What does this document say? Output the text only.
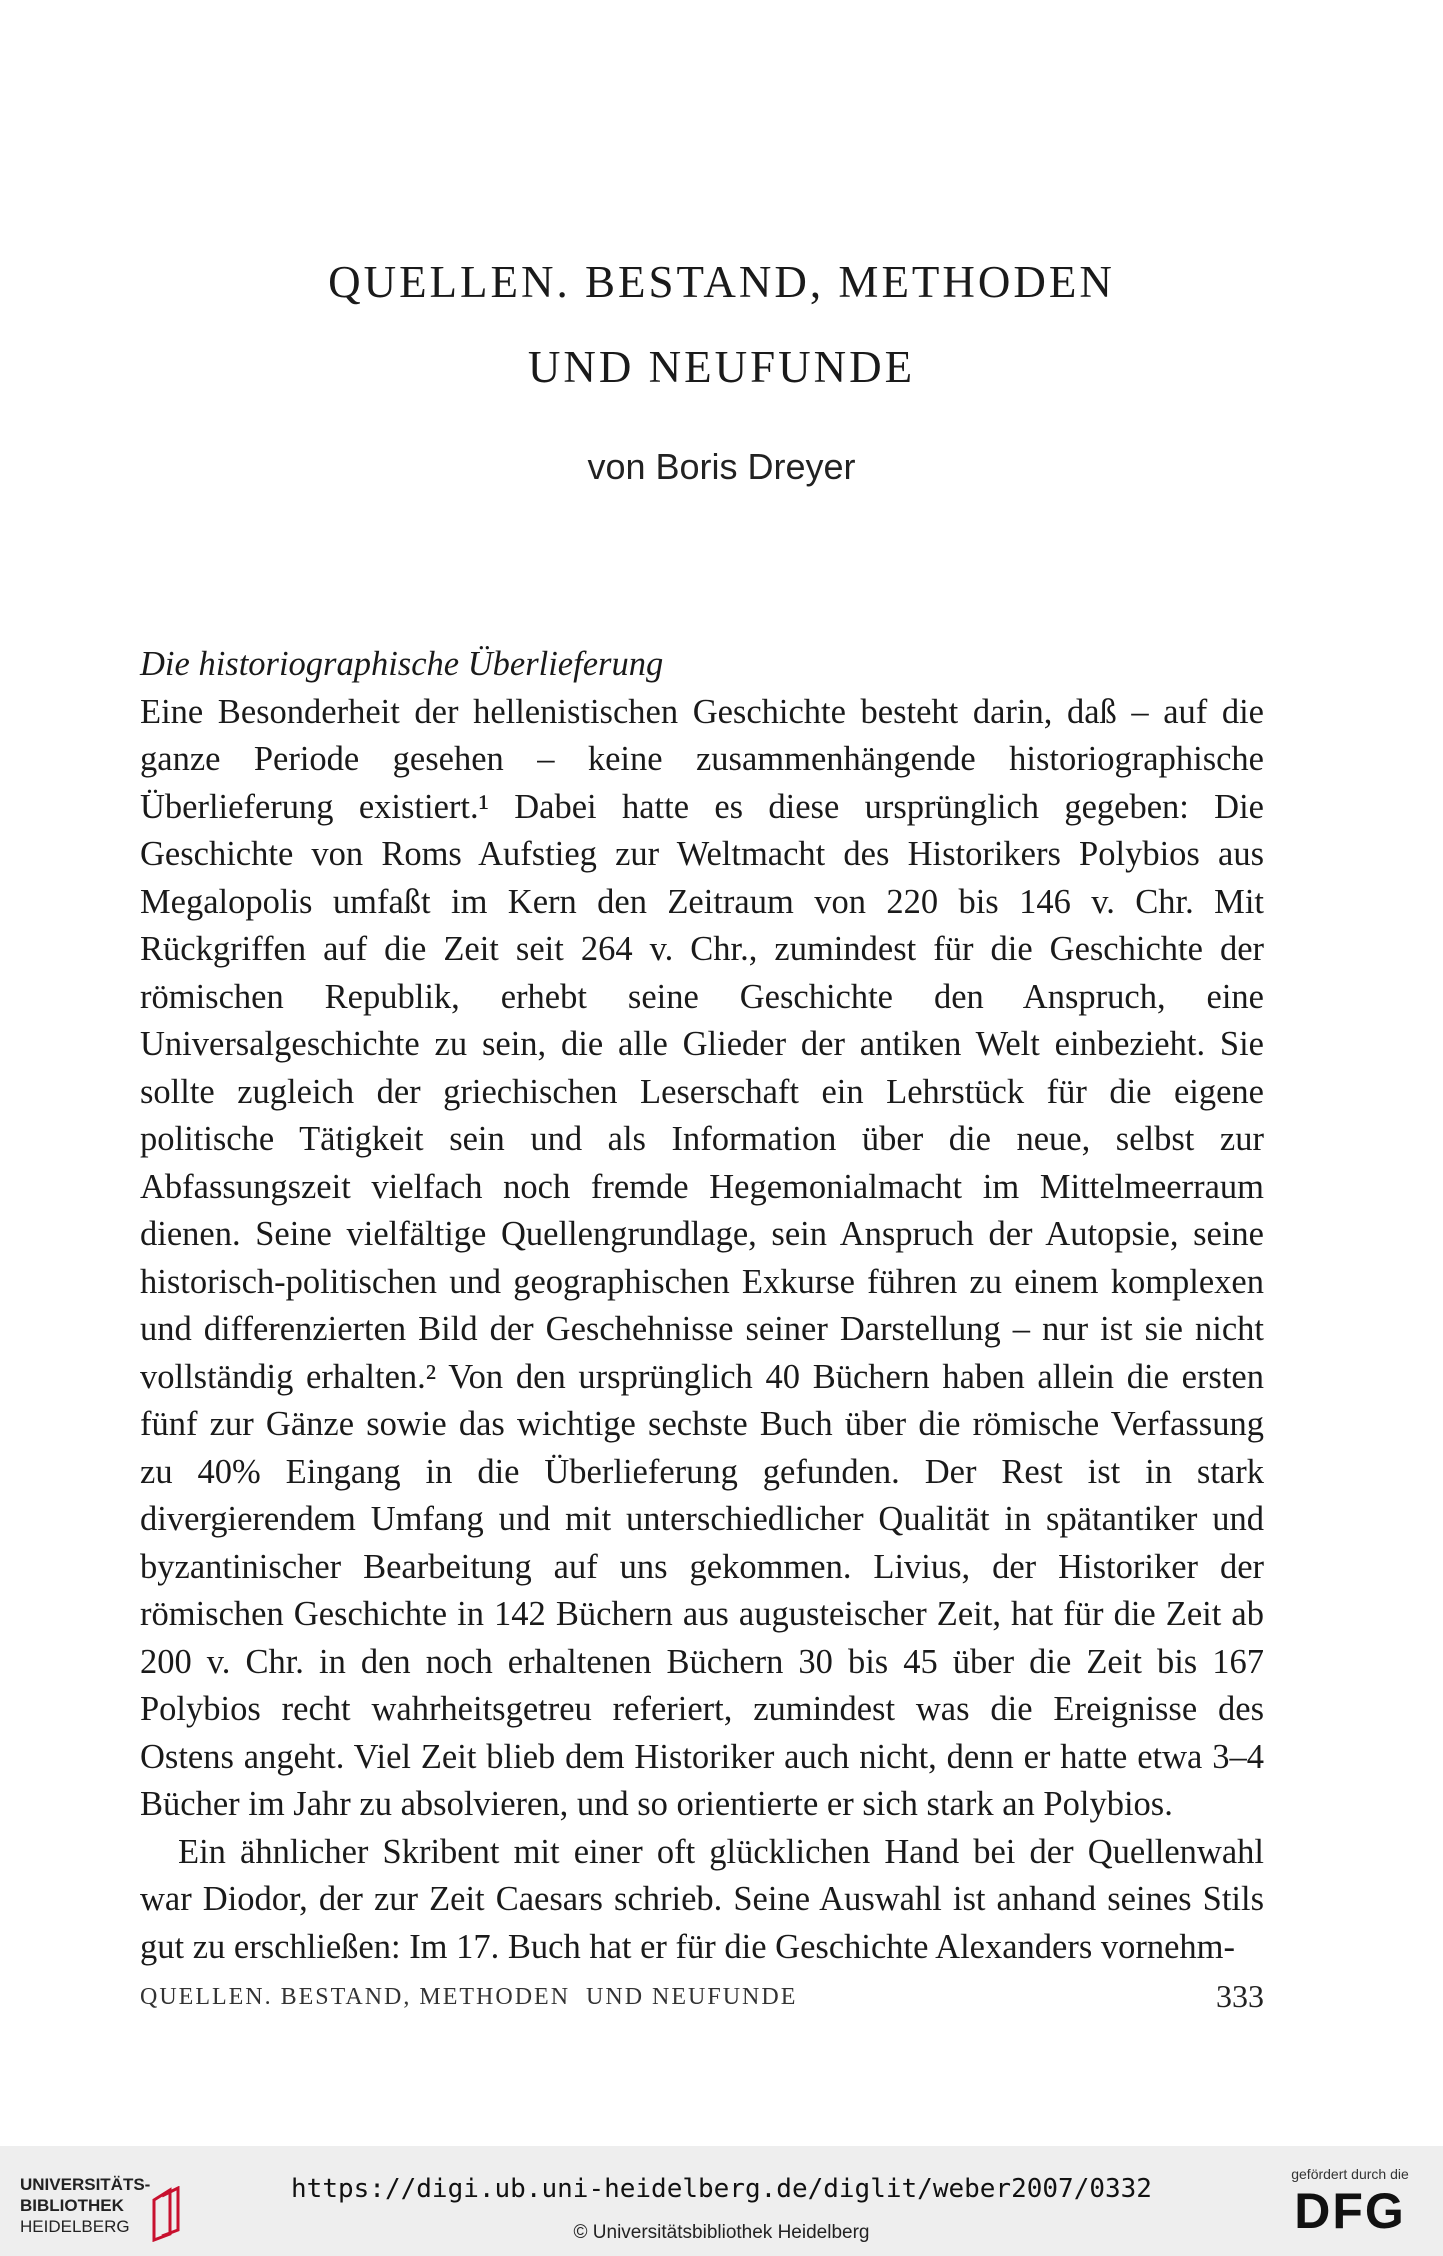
QUELLEN. BESTAND, METHODEN
UND NEUFUNDE
von Boris Dreyer

Die historiographische Überlieferung

Eine Besonderheit der hellenistischen Geschichte besteht darin, daß – auf die ganze Periode gesehen – keine zusammenhängende historiographische Überlieferung existiert.¹ Dabei hatte es diese ursprünglich gegeben: Die Geschichte von Roms Aufstieg zur Weltmacht des Historikers Polybios aus Megalopolis umfaßt im Kern den Zeitraum von 220 bis 146 v. Chr. Mit Rückgriffen auf die Zeit seit 264 v. Chr., zumindest für die Geschichte der römischen Republik, erhebt seine Geschichte den Anspruch, eine Universalgeschichte zu sein, die alle Glieder der antiken Welt einbezieht. Sie sollte zugleich der griechischen Leserschaft ein Lehrstück für die eigene politische Tätigkeit sein und als Information über die neue, selbst zur Abfassungszeit vielfach noch fremde Hegemonialmacht im Mittelmeerraum dienen. Seine vielfältige Quellengrundlage, sein Anspruch der Autopsie, seine historisch-politischen und geographischen Exkurse führen zu einem komplexen und differenzierten Bild der Geschehnisse seiner Darstellung – nur ist sie nicht vollständig erhalten.² Von den ursprünglich 40 Büchern haben allein die ersten fünf zur Gänze sowie das wichtige sechste Buch über die römische Verfassung zu 40% Eingang in die Überlieferung gefunden. Der Rest ist in stark divergierendem Umfang und mit unterschiedlicher Qualität in spätantiker und byzantinischer Bearbeitung auf uns gekommen. Livius, der Historiker der römischen Geschichte in 142 Büchern aus augusteischer Zeit, hat für die Zeit ab 200 v. Chr. in den noch erhaltenen Büchern 30 bis 45 über die Zeit bis 167 Polybios recht wahrheitsgetreu referiert, zumindest was die Ereignisse des Ostens angeht. Viel Zeit blieb dem Historiker auch nicht, denn er hatte etwa 3–4 Bücher im Jahr zu absolvieren, und so orientierte er sich stark an Polybios.

Ein ähnlicher Skribent mit einer oft glücklichen Hand bei der Quellenwahl war Diodor, der zur Zeit Caesars schrieb. Seine Auswahl ist anhand seines Stils gut zu erschließen: Im 17. Buch hat er für die Geschichte Alexanders vornehm-

QUELLEN. BESTAND, METHODEN  UND NEUFUNDE	333
UNIVERSITÄTS-
BIBLIOTHEK
HEIDELBERG
https://digi.ub.uni-heidelberg.de/diglit/weber2007/0332
© Universitätsbibliothek Heidelberg
gefördert durch die
DFG
